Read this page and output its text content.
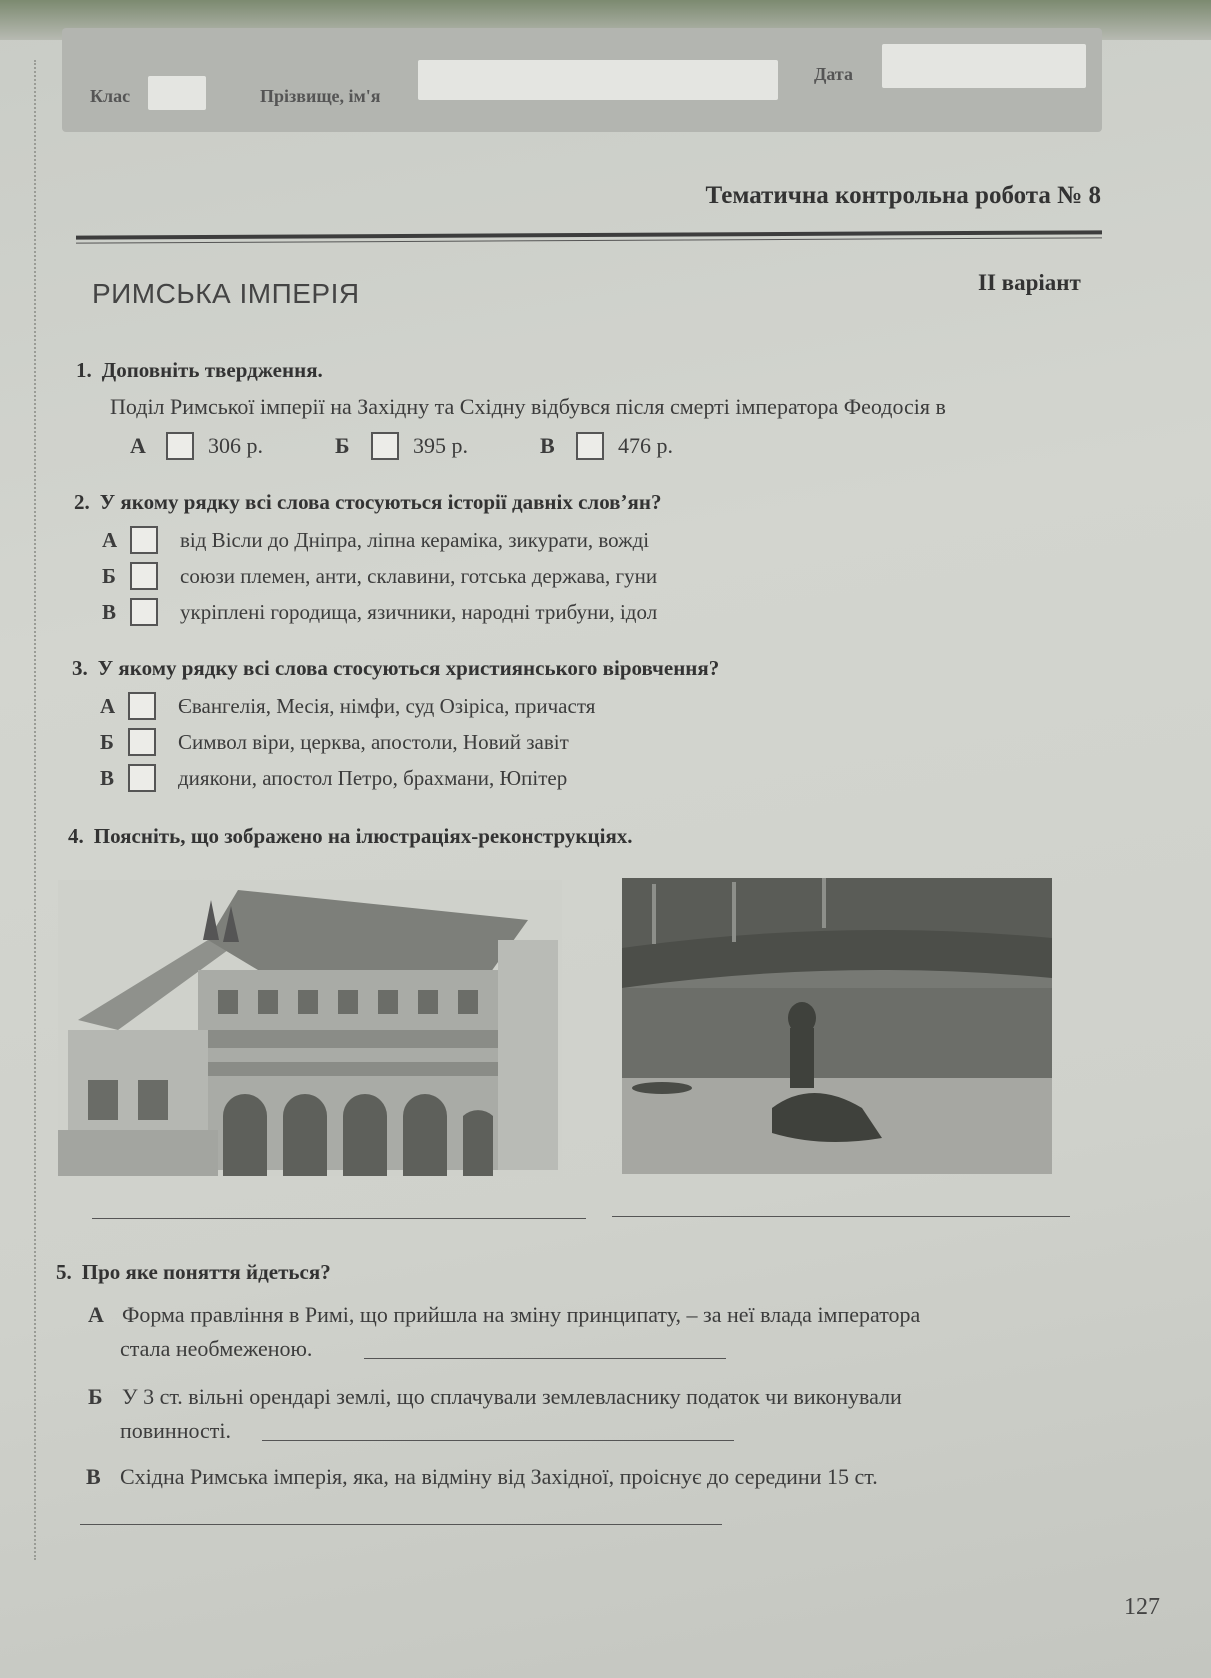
Клас	Прізвище, ім'я
Дата
Тематична контрольна робота № 8
РИМСЬКА ІМПЕРІЯ	ІІ варіант
1. Доповніть твердження.
Поділ Римської імперії на Західну та Східну відбувся після смерті імператора Феодосія в
А	306 р.	Б	395 р.	В	476 р.
2. У якому рядку всі слова стосуються історії давніх слов’ян?
А	від Вісли до Дніпра, ліпна кераміка, зикурати, вожді
Б	союзи племен, анти, склавини, готська держава, гуни
В	укріплені городища, язичники, народні трибуни, ідол
3. У якому рядку всі слова стосуються християнського віровчення?
А	Євангелія, Месія, німфи, суд Озіріса, причастя
Б	Символ віри, церква, апостоли, Новий завіт
В	диякони, апостол Петро, брахмани, Юпітер
4. Поясніть, що зображено на ілюстраціях-реконструкціях.
5. Про яке поняття йдеться?
А Форма правління в Римі, що прийшла на зміну принципату, – за неї влада імператора
стала необмеженою.
Б У 3 ст. вільні орендарі землі, що сплачували землевласнику податок чи виконували
повинності.
В Східна Римська імперія, яка, на відміну від Західної, проіснує до середини 15 ст.
127
